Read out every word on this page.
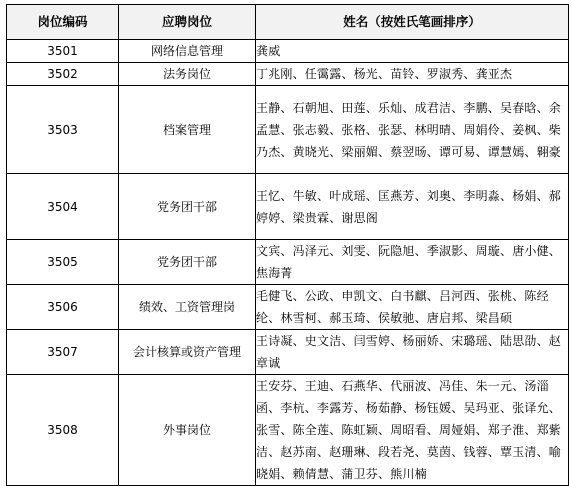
岗位编码	应聘岗位	姓名（按姓氏笔画排序）
3501	网络信息管理	龚威
3502	法务岗位	丁兆刚、任霭露、杨光、苗铃、罗淑秀、龚亚杰
3503	档案管理	王静、石朝旭、田莲、乐灿、成君洁、李鹏、吴春晗、余孟慧、张志毅、张格、张瑟、林明晴、周娟伶、姜枫、柴乃杰、黄晓光、梁丽媚、蔡翌旸、谭可易、谭慧嫣、翱豪
3504	党务团干部	王忆、牛敏、叶成瑶、匡燕芳、刘奥、李明淼、杨娟、郝婷婷、梁贵霖、谢思阁
3505	党务团干部	文宾、冯泽元、刘雯、阮隐旭、季淑影、周璇、唐小健、焦海菁
3506	绩效、工资管理岗	毛健飞、公政、申凯文、白书麒、吕河西、张桃、陈经纶、林雪柯、郝玉琦、侯敏驰、唐启邦、梁昌硕
3507	会计核算或资产管理	王诗凝、史文洁、闫雪婷、杨丽娇、宋璐瑶、陆思劭、赵章诚
3508	外事岗位	王安芬、王迪、石燕华、代丽波、冯佳、朱一元、汤淄函、李杭、李露芳、杨茹静、杨钰媛、吴玛亚、张译允、张雪、陈全莲、陈虹颖、周昭看、周娅娟、郑子淮、郑紫洁、赵苏南、赵珊琳、段若尧、莫茵、钱蓉、覃玉清、喻晓娟、赖倩慧、蒲卫芬、熊川楠
